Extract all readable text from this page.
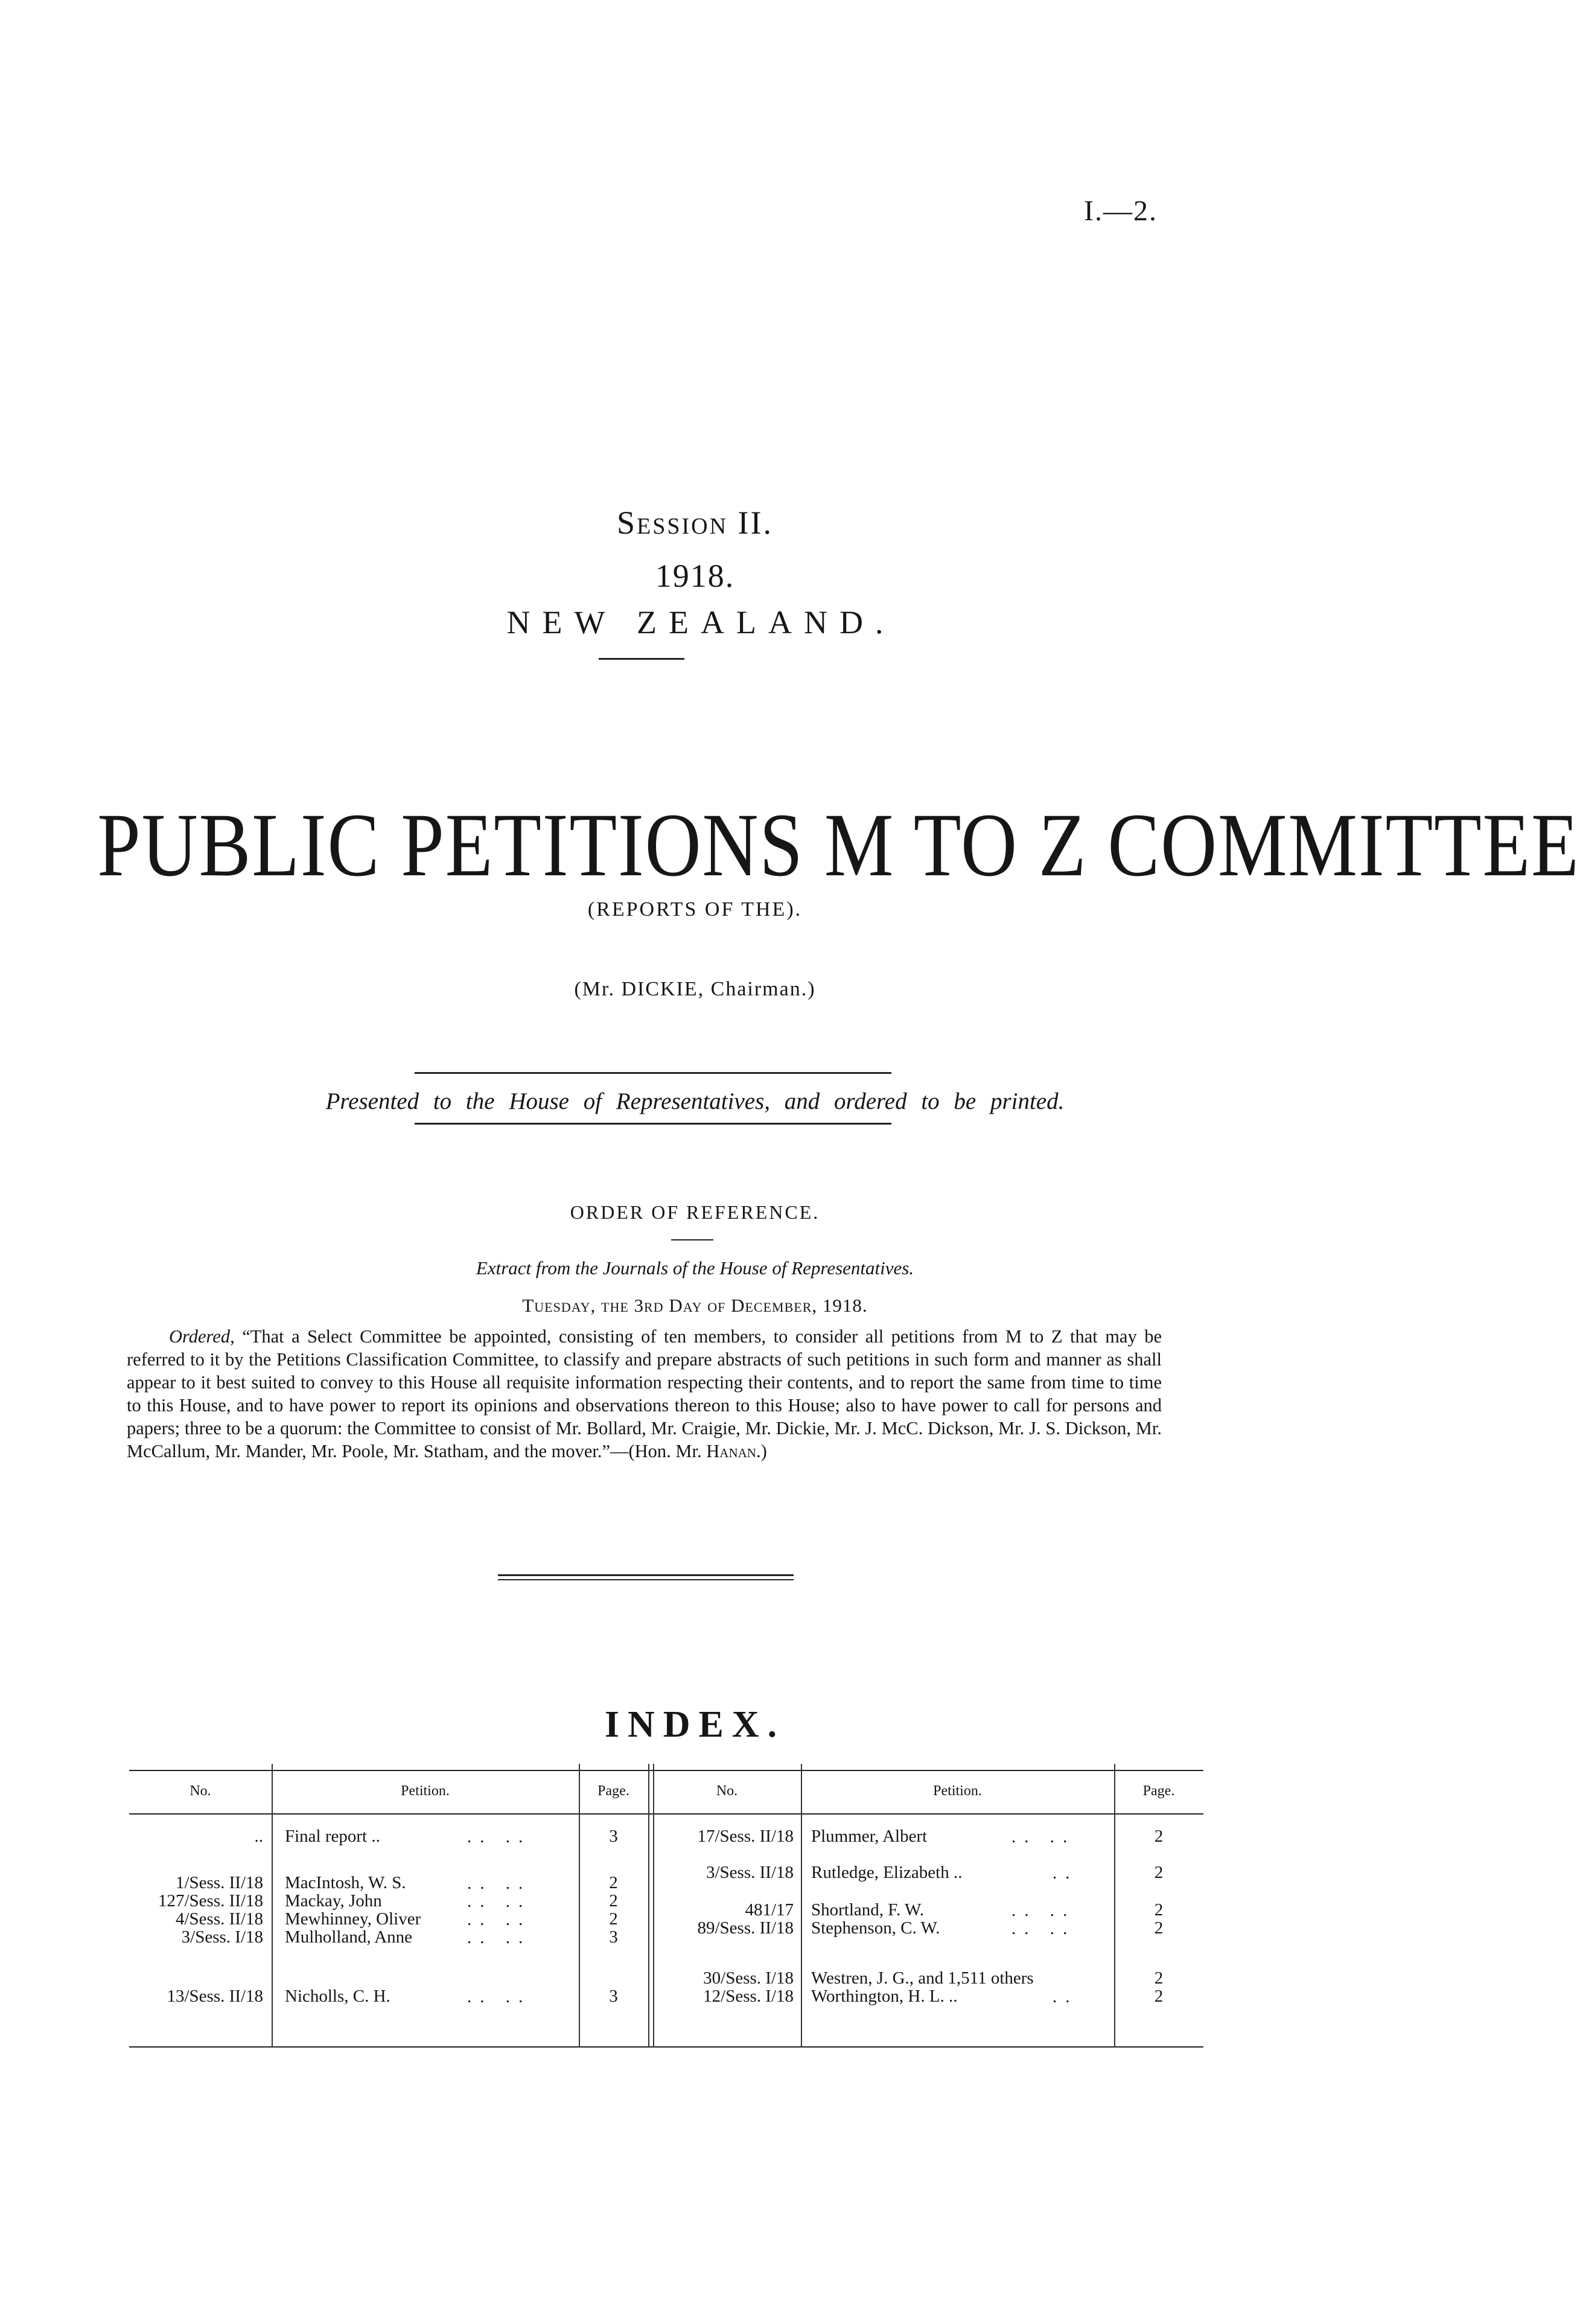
I.—2.
Session II.
1918.
NEW ZEALAND.
PUBLIC PETITIONS M TO Z COMMITTEE
(REPORTS OF THE).
(Mr. DICKIE, Chairman.)
Presented to the House of Representatives, and ordered to be printed.
ORDER OF REFERENCE.
Extract from the Journals of the House of Representatives.
Tuesday, the 3rd Day of December, 1918.

Ordered, “That a Select Committee be appointed, consisting of ten members, to consider all petitions from M to Z that may be referred to it by the Petitions Classification Committee, to classify and prepare abstracts of such petitions in such form and manner as shall appear to it best suited to convey to this House all requisite information respecting their contents, and to report the same from time to time to this House, and to have power to report its opinions and observations thereon to this House; also to have power to call for persons and papers; three to be a quorum: the Committee to consist of Mr. Bollard, Mr. Craigie, Mr. Dickie, Mr. J. McC. Dickson, Mr. J. S. Dickson, Mr. McCallum, Mr. Mander, Mr. Poole, Mr. Statham, and the mover.”—(Hon. Mr. Hanan.)

INDEX.
No.	Petition.	Page.	No.	Petition.	Page.
.. Final report ..	.. ..	3
1/Sess. II/18 MacIntosh, W. S.	.. ..	2
127/Sess. II/18 Mackay, John	.. ..	2
4/Sess. II/18 Mewhinney, Oliver	.. ..	2
3/Sess. I/18 Mulholland, Anne	.. ..	3
13/Sess. II/18 Nicholls, C. H.	.. ..	3
17/Sess. II/18 Plummer, Albert	.. ..	2
3/Sess. II/18 Rutledge, Elizabeth ..	..	2
481/17 Shortland, F. W.	.. ..	2
89/Sess. II/18 Stephenson, C. W.	.. ..	2
30/Sess. I/18 Westren, J. G., and 1,511 others	2
12/Sess. I/18 Worthington, H. L. ..	..	2
